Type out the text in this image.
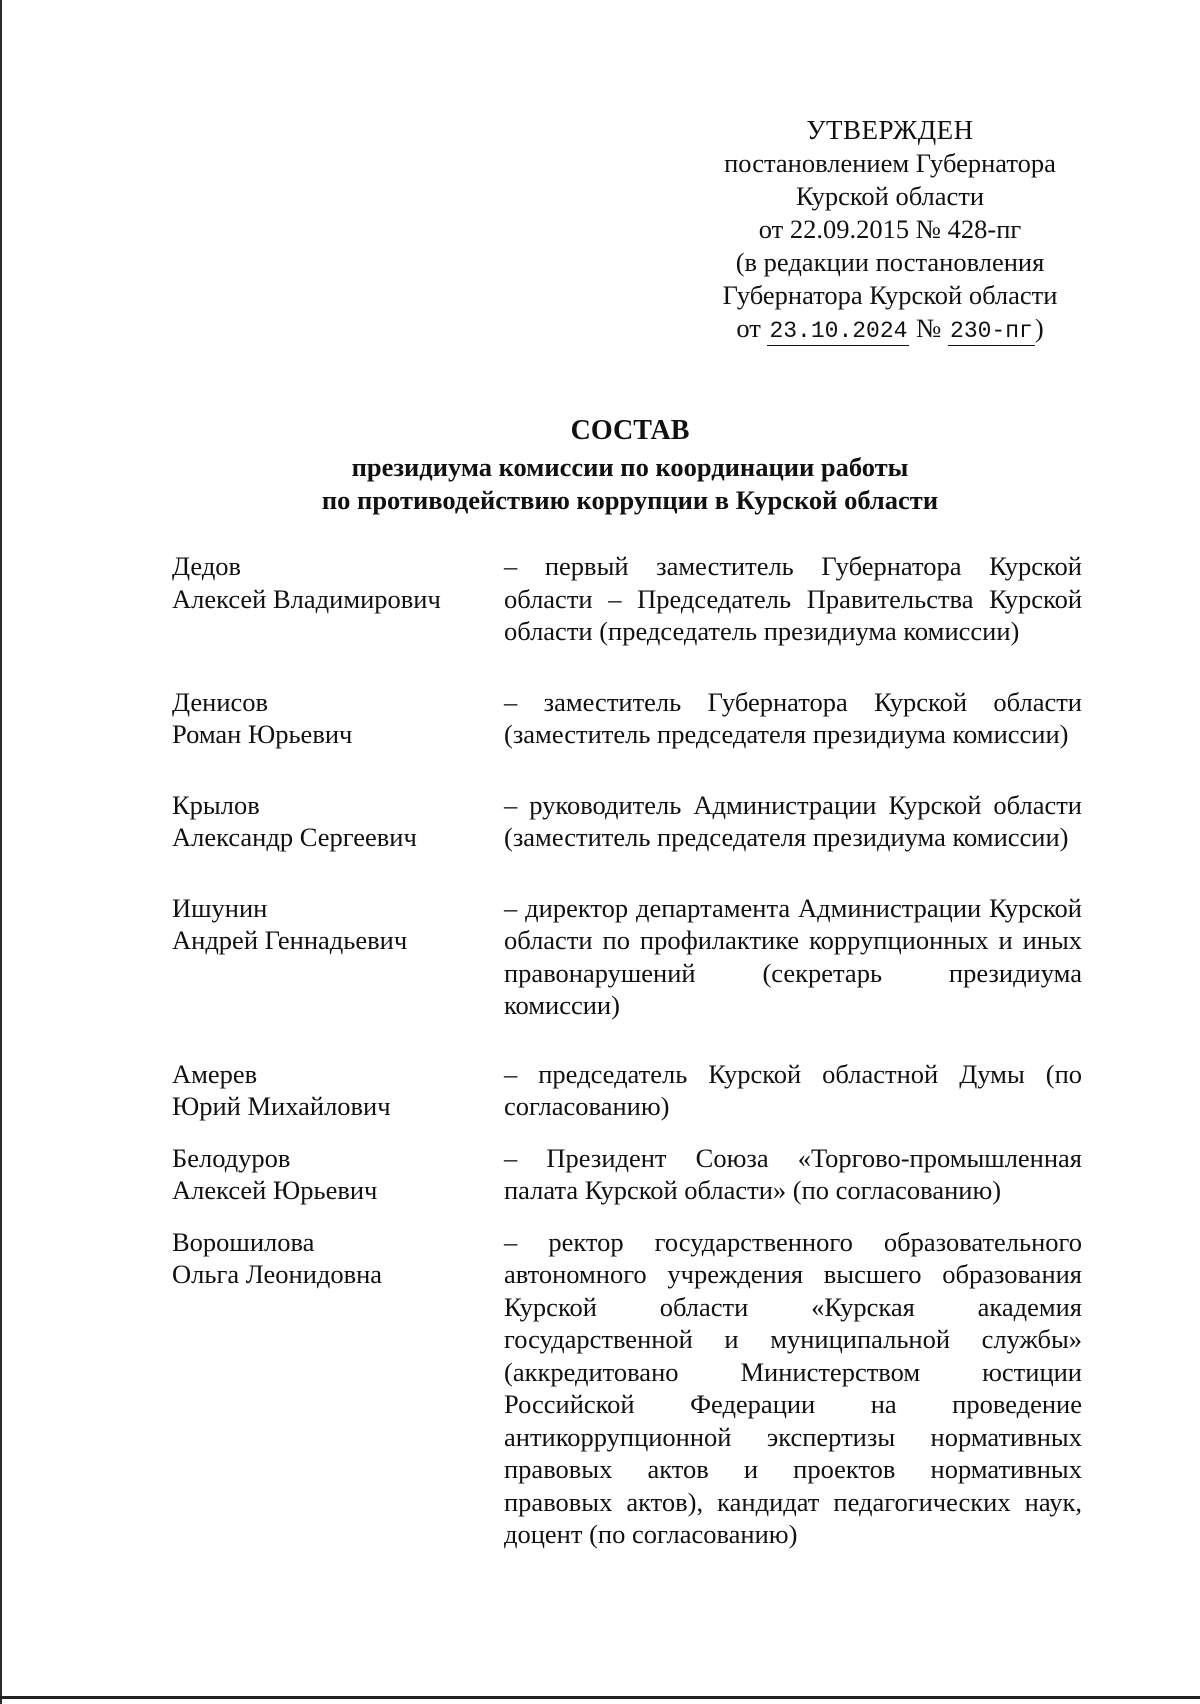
УТВЕРЖДЕН
постановлением Губернатора
Курской области
от 22.09.2015 № 428-пг
(в редакции постановления
Губернатора Курской области
от 23.10.2024 № 230-пг)
СОСТАВ
президиума комиссии по координации работы
по противодействию коррупции в Курской области
Дедов
Алексей Владимирович
– первый заместитель Губернатора Курской области – Председатель Правительства Курской области (председатель президиума комиссии)
Денисов
Роман Юрьевич
– заместитель Губернатора Курской области (заместитель председателя президиума комиссии)
Крылов
Александр Сергеевич
– руководитель Администрации Курской области (заместитель председателя президиума комиссии)
Ишунин
Андрей Геннадьевич
– директор департамента Администрации Курской области по профилактике коррупционных и иных правонарушений (секретарь президиума комиссии)
Амерев
Юрий Михайлович
– председатель Курской областной Думы (по согласованию)
Белодуров
Алексей Юрьевич
– Президент Союза «Торгово-промышленная палата Курской области» (по согласованию)
Ворошилова
Ольга Леонидовна
– ректор государственного образовательного автономного учреждения высшего образования Курской области «Курская академия государственной и муниципальной службы» (аккредитовано Министерством юстиции Российской Федерации на проведение антикоррупционной экспертизы нормативных правовых актов и проектов нормативных правовых актов), кандидат педагогических наук, доцент (по согласованию)
